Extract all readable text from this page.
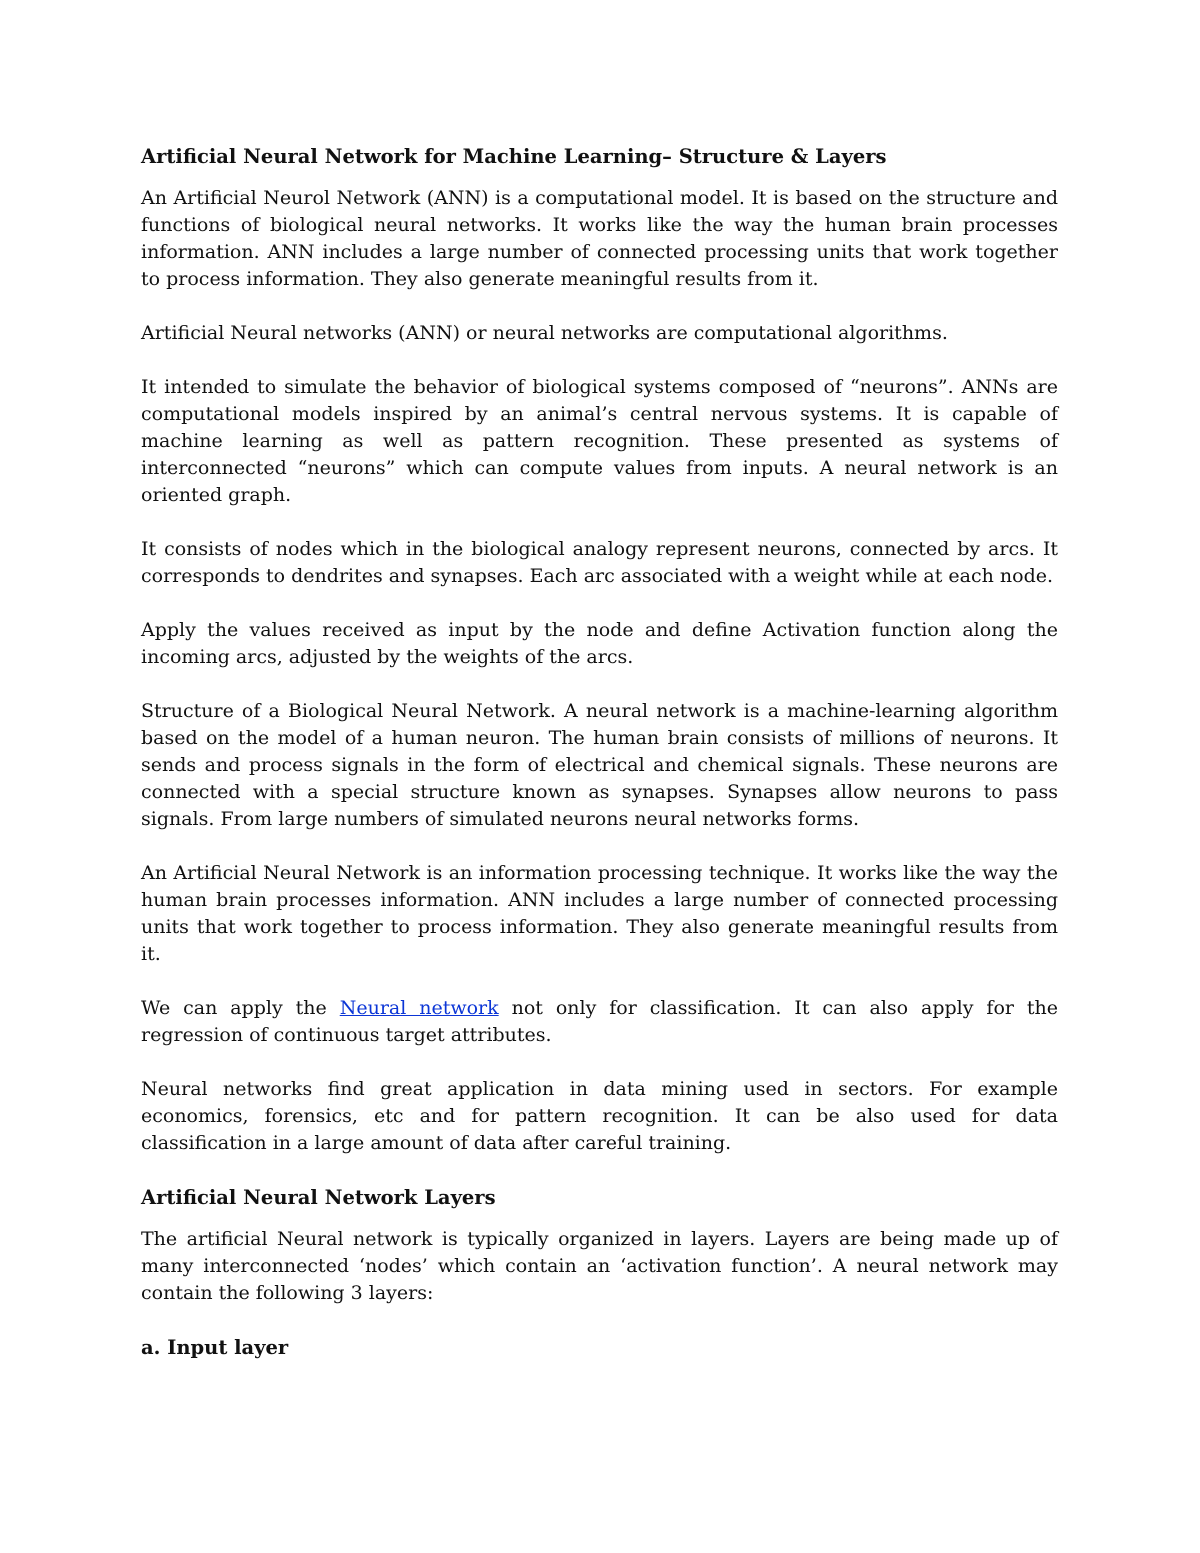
Artificial Neural Network for Machine Learning– Structure & Layers

An Artificial Neurol Network (ANN) is a computational model. It is based on the structure and functions of biological neural networks. It works like the way the human brain processes information. ANN includes a large number of connected processing units that work together to process information. They also generate meaningful results from it.

Artificial Neural networks (ANN) or neural networks are computational algorithms.

It intended to simulate the behavior of biological systems composed of “neurons”. ANNs are computational models inspired by an animal’s central nervous systems. It is capable of machine learning as well as pattern recognition. These presented as systems of interconnected “neurons” which can compute values from inputs. A neural network is an oriented graph.

It consists of nodes which in the biological analogy represent neurons, connected by arcs. It corresponds to dendrites and synapses. Each arc associated with a weight while at each node.

Apply the values received as input by the node and define Activation function along the incoming arcs, adjusted by the weights of the arcs.

Structure of a Biological Neural Network. A neural network is a machine-learning algorithm based on the model of a human neuron. The human brain consists of millions of neurons. It sends and process signals in the form of electrical and chemical signals. These neurons are connected with a special structure known as synapses. Synapses allow neurons to pass signals. From large numbers of simulated neurons neural networks forms.

An Artificial Neural Network is an information processing technique. It works like the way the human brain processes information. ANN includes a large number of connected processing units that work together to process information. They also generate meaningful results from it.

We can apply the Neural network not only for classification. It can also apply for the regression of continuous target attributes.

Neural networks find great application in data mining used in sectors. For example economics, forensics, etc and for pattern recognition. It can be also used for data classification in a large amount of data after careful training.

Artificial Neural Network Layers

The artificial Neural network is typically organized in layers. Layers are being made up of many interconnected ‘nodes’ which contain an ‘activation function’. A neural network may contain the following 3 layers:

a. Input layer
